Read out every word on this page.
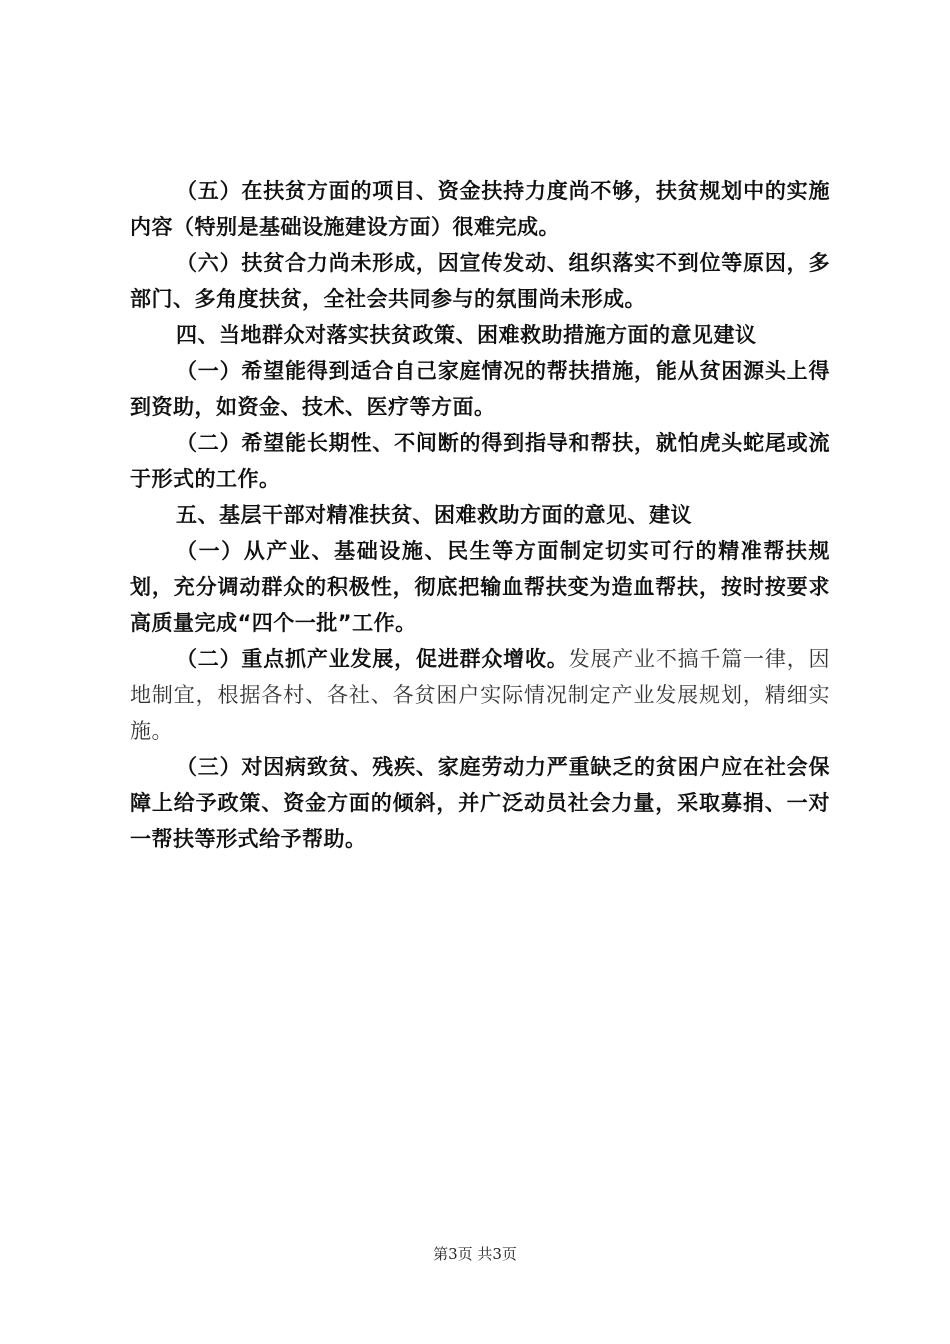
（五）在扶贫方面的项目、资金扶持力度尚不够，扶贫规划中的实施内容（特别是基础设施建设方面）很难完成。

（六）扶贫合力尚未形成，因宣传发动、组织落实不到位等原因，多部门、多角度扶贫，全社会共同参与的氛围尚未形成。

四、当地群众对落实扶贫政策、困难救助措施方面的意见建议

（一）希望能得到适合自己家庭情况的帮扶措施，能从贫困源头上得到资助，如资金、技术、医疗等方面。

（二）希望能长期性、不间断的得到指导和帮扶，就怕虎头蛇尾或流于形式的工作。

五、基层干部对精准扶贫、困难救助方面的意见、建议

（一）从产业、基础设施、民生等方面制定切实可行的精准帮扶规划，充分调动群众的积极性，彻底把输血帮扶变为造血帮扶，按时按要求高质量完成“四个一批”工作。

（二）重点抓产业发展，促进群众增收。发展产业不搞千篇一律，因地制宜，根据各村、各社、各贫困户实际情况制定产业发展规划，精细实施。

（三）对因病致贫、残疾、家庭劳动力严重缺乏的贫困户应在社会保障上给予政策、资金方面的倾斜，并广泛动员社会力量，采取募捐、一对一帮扶等形式给予帮助。

第3页 共3页
